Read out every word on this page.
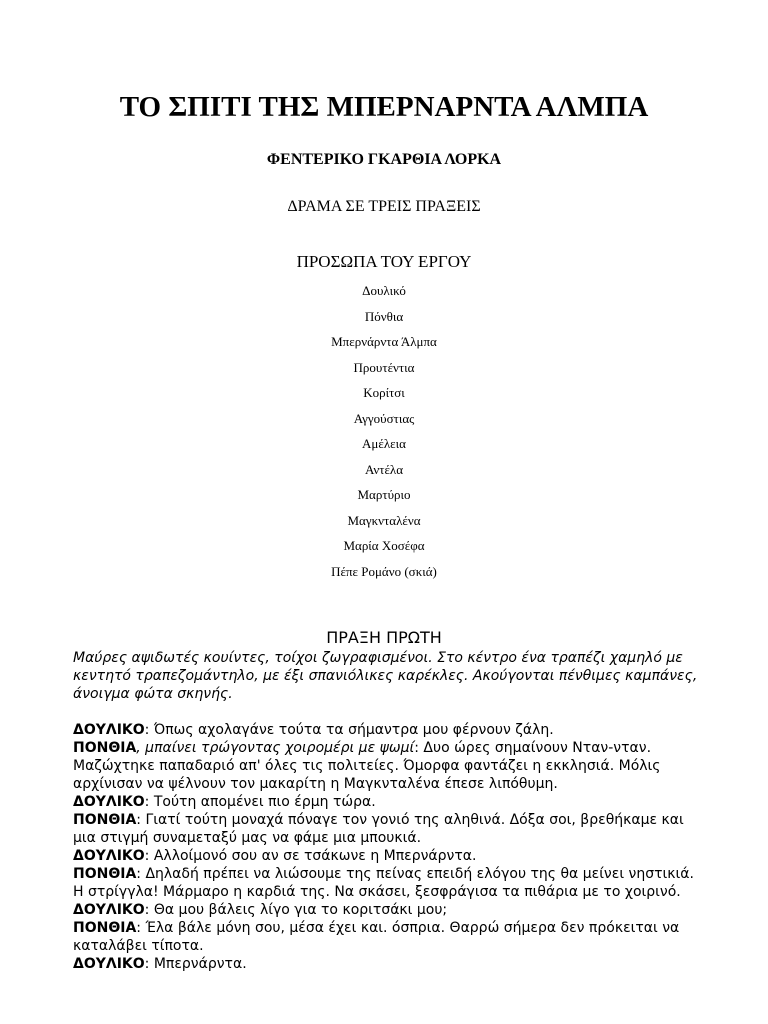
ΤΟ ΣΠΙΤΙ ΤΗΣ ΜΠΕΡΝΑΡΝΤΑ ΑΛΜΠΑ
ΦΕΝΤΕΡΙΚΟ ΓΚΑΡΘΙΑ ΛΟΡΚΑ
ΔΡΑΜΑ ΣΕ ΤΡΕΙΣ ΠΡΑΞΕΙΣ
ΠΡΟΣΩΠΑ ΤΟΥ ΕΡΓΟΥ
Δουλικό
Πόνθια
Μπερνάρντα Άλμπα
Προυτέντια
Κορίτσι
Αγγούστιας
Αμέλεια
Αντέλα
Μαρτύριο
Μαγκνταλένα
Μαρία Χοσέφα
Πέπε Ρομάνο (σκιά)
ΠΡΑΞΗ ΠΡΩΤΗ

Μαύρες αψιδωτές κουίντες, τοίχοι ζωγραφισμένοι. Στο κέντρο ένα τραπέζι χαμηλό με κεντητό τραπεζομάντηλο, με έξι σπανιόλικες καρέκλες. Ακούγονται πένθιμες καμπάνες, άνοιγμα φώτα σκηνής.

ΔΟΥΛΙΚΟ: Όπως αχολαγάνε τούτα τα σήμαντρα μου φέρνουν ζάλη.

ΠΟΝΘΙΑ, μπαίνει τρώγοντας χοιρομέρι με ψωμί: Δυο ώρες σημαίνουν Νταν-νταν. Μαζώχτηκε παπαδαριό απ' όλες τις πολιτείες. Όμορφα φαντάζει η εκκλησιά. Μόλις αρχίνισαν να ψέλνουν τον μακαρίτη η Μαγκνταλένα έπεσε λιπόθυμη.

ΔΟΥΛΙΚΟ: Τούτη απομένει πιο έρμη τώρα.

ΠΟΝΘΙΑ: Γιατί τούτη μοναχά πόναγε τον γονιό της αληθινά. Δόξα σοι, βρεθήκαμε και μια στιγμή συναμεταξύ μας να φάμε μια μπουκιά.

ΔΟΥΛΙΚΟ: Αλλοίμονό σου αν σε τσάκωνε η Μπερνάρντα.

ΠΟΝΘΙΑ: Δηλαδή πρέπει να λιώσουμε της πείνας επειδή ελόγου της θα μείνει νηστικιά. Η στρίγγλα! Μάρμαρο η καρδιά της. Να σκάσει, ξεσφράγισα τα πιθάρια με το χοιρινό.

ΔΟΥΛΙΚΟ: Θα μου βάλεις λίγο για το κοριτσάκι μου;

ΠΟΝΘΙΑ: Έλα βάλε μόνη σου, μέσα έχει και. όσπρια. Θαρρώ σήμερα δεν πρόκειται να καταλάβει τίποτα.

ΔΟΥΛΙΚΟ: Μπερνάρντα.
